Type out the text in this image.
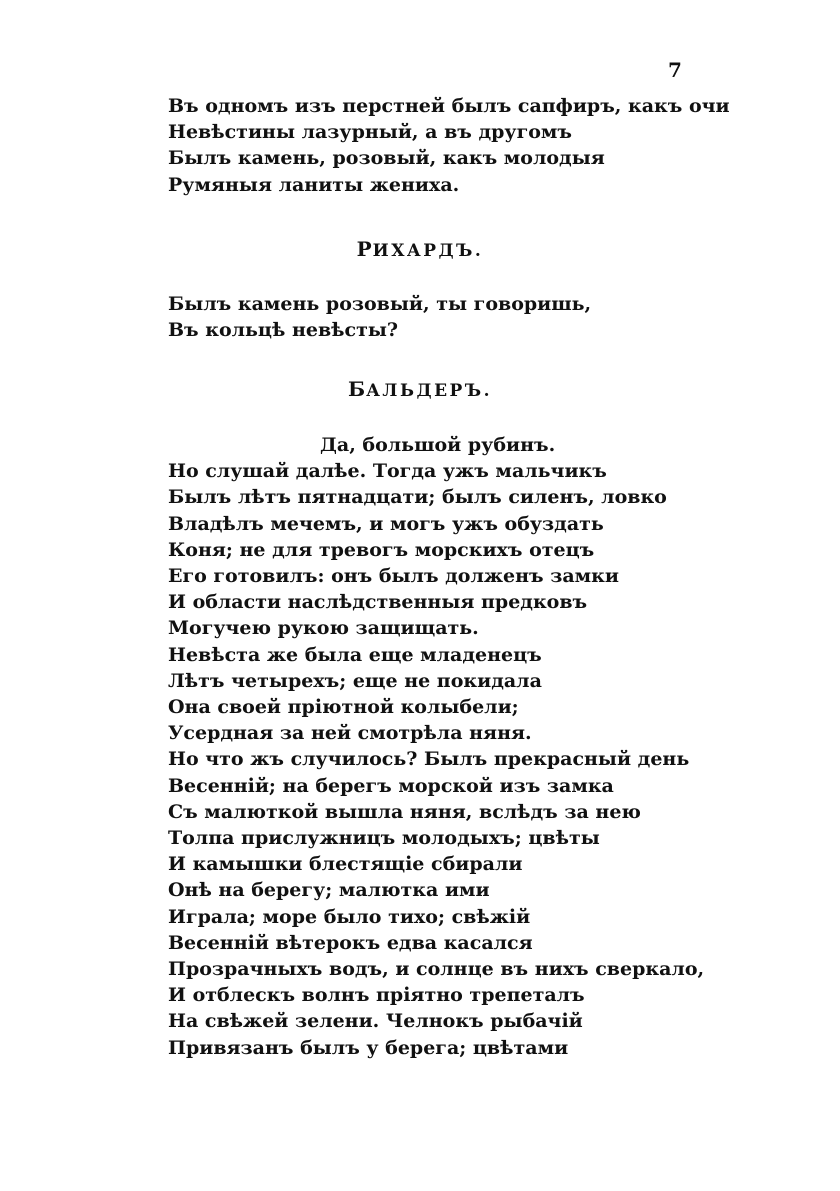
7
Въ одномъ изъ перстней былъ сапфиръ, какъ очи
Невѣстины лазурный, а въ другомъ
Былъ камень, розовый, какъ молодыя
Румяныя ланиты жениха.
РИХАРДЪ.
Былъ камень розовый, ты говоришь,
Въ кольцѣ невѣсты?
БАЛЬДЕРЪ.
Да, большой рубинъ.
Но слушай далѣе. Тогда ужъ мальчикъ
Былъ лѣтъ пятнадцати; былъ силенъ, ловко
Владѣлъ мечемъ, и могъ ужъ обуздать
Коня; не для тревогъ морскихъ отецъ
Его готовилъ: онъ былъ долженъ замки
И области наслѣдственныя предковъ
Могучею рукою защищать.
Невѣста же была еще младенецъ
Лѣтъ четырехъ; еще не покидала
Она своей пріютной колыбели;
Усердная за ней смотрѣла няня.
Но что жъ случилось? Былъ прекрасный день
Весенній; на берегъ морской изъ замка
Съ малюткой вышла няня, вслѣдъ за нею
Толпа прислужницъ молодыхъ; цвѣты
И камышки блестящіе сбирали
Онѣ на берегу; малютка ими
Играла; море было тихо; свѣжій
Весенній вѣтерокъ едва касался
Прозрачныхъ водъ, и солнце въ нихъ сверкало,
И отблескъ волнъ пріятно трепеталъ
На свѣжей зелени. Челнокъ рыбачій
Привязанъ былъ у берега; цвѣтами
